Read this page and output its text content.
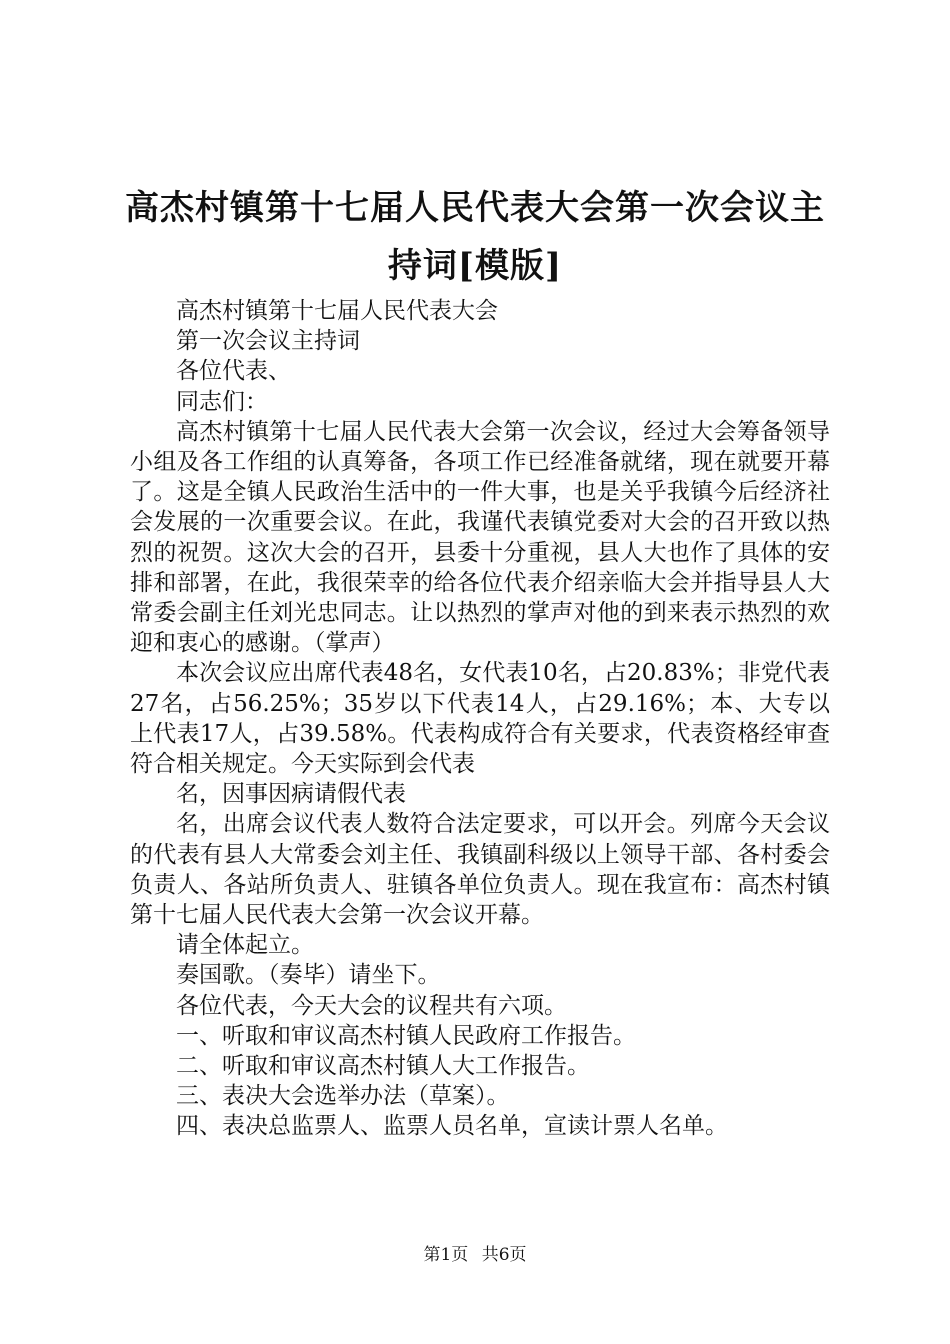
高杰村镇第十七届人民代表大会第一次会议主
持词[模版]

高杰村镇第十七届人民代表大会

第一次会议主持词

各位代表、

同志们：

高杰村镇第十七届人民代表大会第一次会议，经过大会筹备领导小组及各工作组的认真筹备，各项工作已经准备就绪，现在就要开幕了。这是全镇人民政治生活中的一件大事，也是关乎我镇今后经济社会发展的一次重要会议。在此，我谨代表镇党委对大会的召开致以热烈的祝贺。这次大会的召开，县委十分重视，县人大也作了具体的安排和部署，在此，我很荣幸的给各位代表介绍亲临大会并指导县人大常委会副主任刘光忠同志。让以热烈的掌声对他的到来表示热烈的欢迎和衷心的感谢。（掌声）

本次会议应出席代表48名，女代表10名，占20.83%；非党代表27名，占56.25%；35岁以下代表14人，占29.16%；本、大专以上代表17人，占39.58%。代表构成符合有关要求，代表资格经审查符合相关规定。今天实际到会代表

名，因事因病请假代表

名，出席会议代表人数符合法定要求，可以开会。列席今天会议的代表有县人大常委会刘主任、我镇副科级以上领导干部、各村委会负责人、各站所负责人、驻镇各单位负责人。现在我宣布：高杰村镇第十七届人民代表大会第一次会议开幕。

请全体起立。

奏国歌。（奏毕）请坐下。

各位代表，今天大会的议程共有六项。

一、听取和审议高杰村镇人民政府工作报告。

二、听取和审议高杰村镇人大工作报告。

三、表决大会选举办法（草案）。

四、表决总监票人、监票人员名单，宣读计票人名单。

第1页 共6页
